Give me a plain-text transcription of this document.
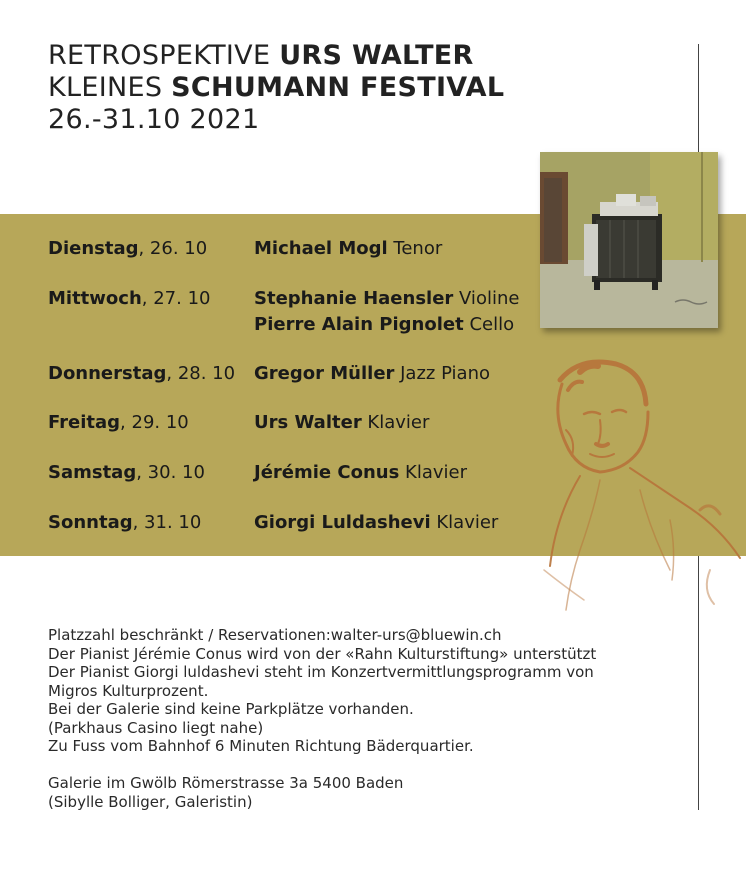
RETROSPEKTIVE URS WALTER
KLEINES SCHUMANN FESTIVAL
26.-31.10 2021
Dienstag, 26. 10	Michael Mogl Tenor
Mittwoch, 27. 10 Stephanie Haensler Violine
Pierre Alain Pignolet Cello
Donnerstag, 28. 10 Gregor Müller Jazz Piano
Freitag, 29. 10	Urs Walter Klavier
Samstag, 30. 10	Jérémie Conus Klavier
Sonntag, 31. 10	Giorgi Luldashevi Klavier
Platzzahl beschränkt / Reservationen:walter-urs@bluewin.ch
Der Pianist Jérémie Conus wird von der «Rahn Kulturstiftung» unterstützt
Der Pianist Giorgi luldashevi steht im Konzertvermittlungsprogramm von
Migros Kulturprozent.
Bei der Galerie sind keine Parkplätze vorhanden.
(Parkhaus Casino liegt nahe)
Zu Fuss vom Bahnhof 6 Minuten Richtung Bäderquartier.
Galerie im Gwölb Römerstrasse 3a 5400 Baden
(Sibylle Bolliger, Galeristin)
